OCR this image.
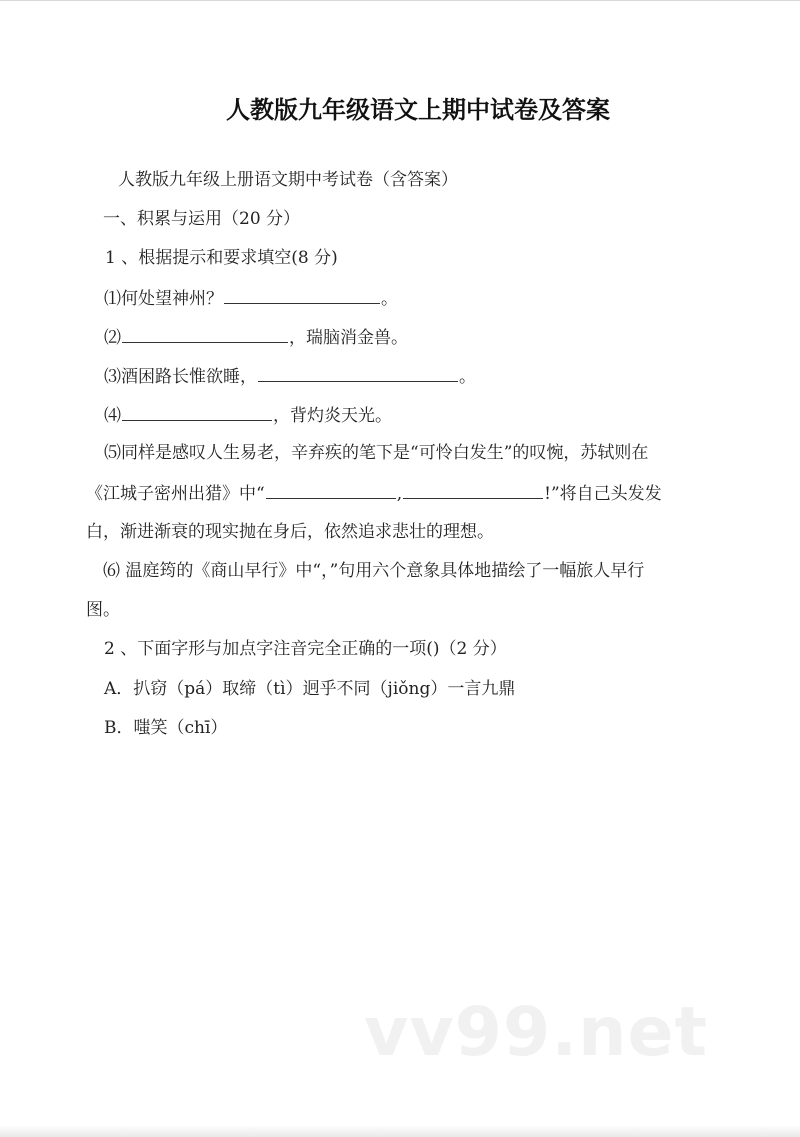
人教版九年级语文上期中试卷及答案
人教版九年级上册语文期中考试卷（含答案）
一、积累与运用（20 分）
1 、根据提示和要求填空(8 分)
⑴何处望神州？	。
⑵	，瑞脑消金兽。
⑶酒困路长惟欲睡，	。
⑷	，背灼炎天光。
⑸同样是感叹人生易老，辛弃疾的笔下是“可怜白发生”的叹惋，苏轼则在
《江城子密州出猎》中“	,	!”将自己头发发
白，渐进渐衰的现实抛在身后，依然追求悲壮的理想。
⑹ 温庭筠的《商山早行》中“，”句用六个意象具体地描绘了一幅旅人早行
图。
2 、下面字形与加点字注音完全正确的一项()（2 分）
A．扒窃（pá）取缔（tì）迥乎不同（jiǒng）一言九鼎
B．嗤笑（chī）
vv99.net
